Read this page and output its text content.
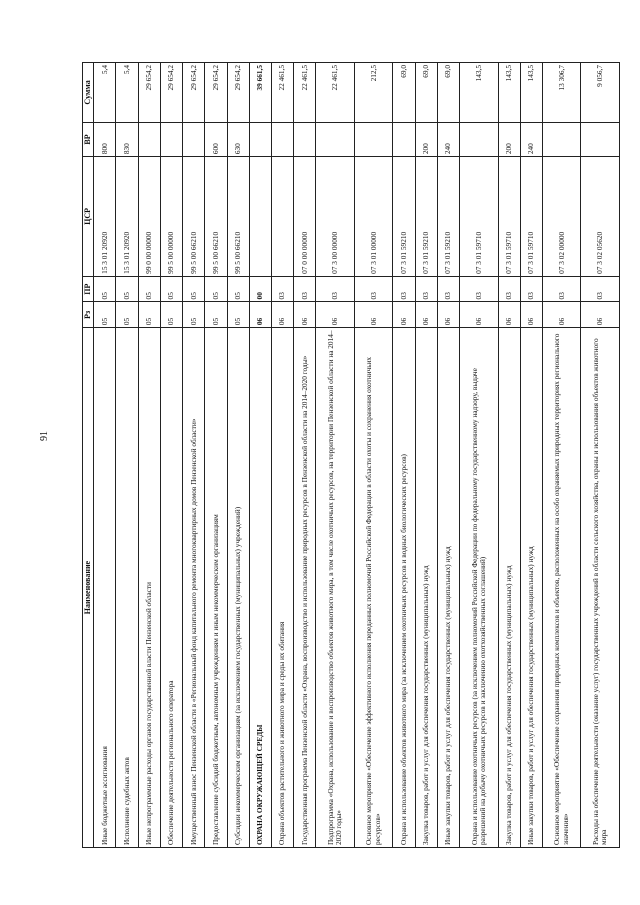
91
Наименование	Рз	ПР	ЦСР	ВР	Сумма
Иные бюджетные ассигнования	05	05	15 3 01 20920	800	5,4
Исполнение судебных актов	05	05	15 3 01 20920	830	5,4
Иные непрограммные расходы органов государственной власти Пензенской области	05	05	99 0 00 00000		29 654,2
Обеспечение деятельности регионального оператора	05	05	99 5 00 00000		29 654,2
Имущественный взнос Пензенской области в «Региональный фонд капитального ремонта многоквартирных домов Пензенской области»	05	05	99 5 00 66210		29 654,2
Предоставление субсидий бюджетным, автономным учреждениям и иным некоммерческим организациям	05	05	99 5 00 66210	600	29 654,2
Субсидии некоммерческим организациям (за исключением государственных (муниципальных) учреждений)	05	05	99 5 00 66210	630	29 654,2
ОХРАНА ОКРУЖАЮЩЕЙ СРЕДЫ	06	00			39 661,5
Охрана объектов растительного и животного мира и среды их обитания	06	03			22 461,5
Государственная программа Пензенской области «Охрана, воспроизводство и использование природных ресурсов в Пензенской области на 2014–2020 годы»	06	03	07 0 00 00000		22 461,5
Подпрограмма «Охрана, использование и воспроизводство объектов животного мира, в том числе охотничьих ресурсов, на территории Пензенской области на 2014–2020 годы»	06	03	07 3 00 00000		22 461,5
Основное мероприятие «Обеспечение эффективного исполнения переданных полномочий Российской Федерации в области охоты и сохранения охотничьих ресурсов»	06	03	07 3 01 00000		212,5
Охрана и использование объектов животного мира (за исключением охотничьих ресурсов и водных биологических ресурсов)	06	03	07 3 01 59210		69,0
Закупка товаров, работ и услуг для обеспечения государственных (муниципальных) нужд	06	03	07 3 01 59210	200	69,0
Иные закупки товаров, работ и услуг для обеспечения государственных (муниципальных) нужд	06	03	07 3 01 59210	240	69,0
Охрана и использование охотничьих ресурсов (за исключением полномочий Российской Федерации по федеральному государственному надзору, выдаче разрешений на добычу охотничьих ресурсов и заключению охотхозяйственных соглашений)	06	03	07 3 01 59710		143,5
Закупка товаров, работ и услуг для обеспечения государственных (муниципальных) нужд	06	03	07 3 01 59710	200	143,5
Иные закупки товаров, работ и услуг для обеспечения государственных (муниципальных) нужд	06	03	07 3 01 59710	240	143,5
Основное мероприятие «Обеспечение сохранения природных комплексов и объектов, расположенных на особо охраняемых природных территориях регионального значения»	06	03	07 3 02 00000		13 306,7
Расходы на обеспечение деятельности (оказание услуг) государственных учреждений в области сельского хозяйства, охраны и использования объектов животного мира	06	03	07 3 02 05620		9 056,7
